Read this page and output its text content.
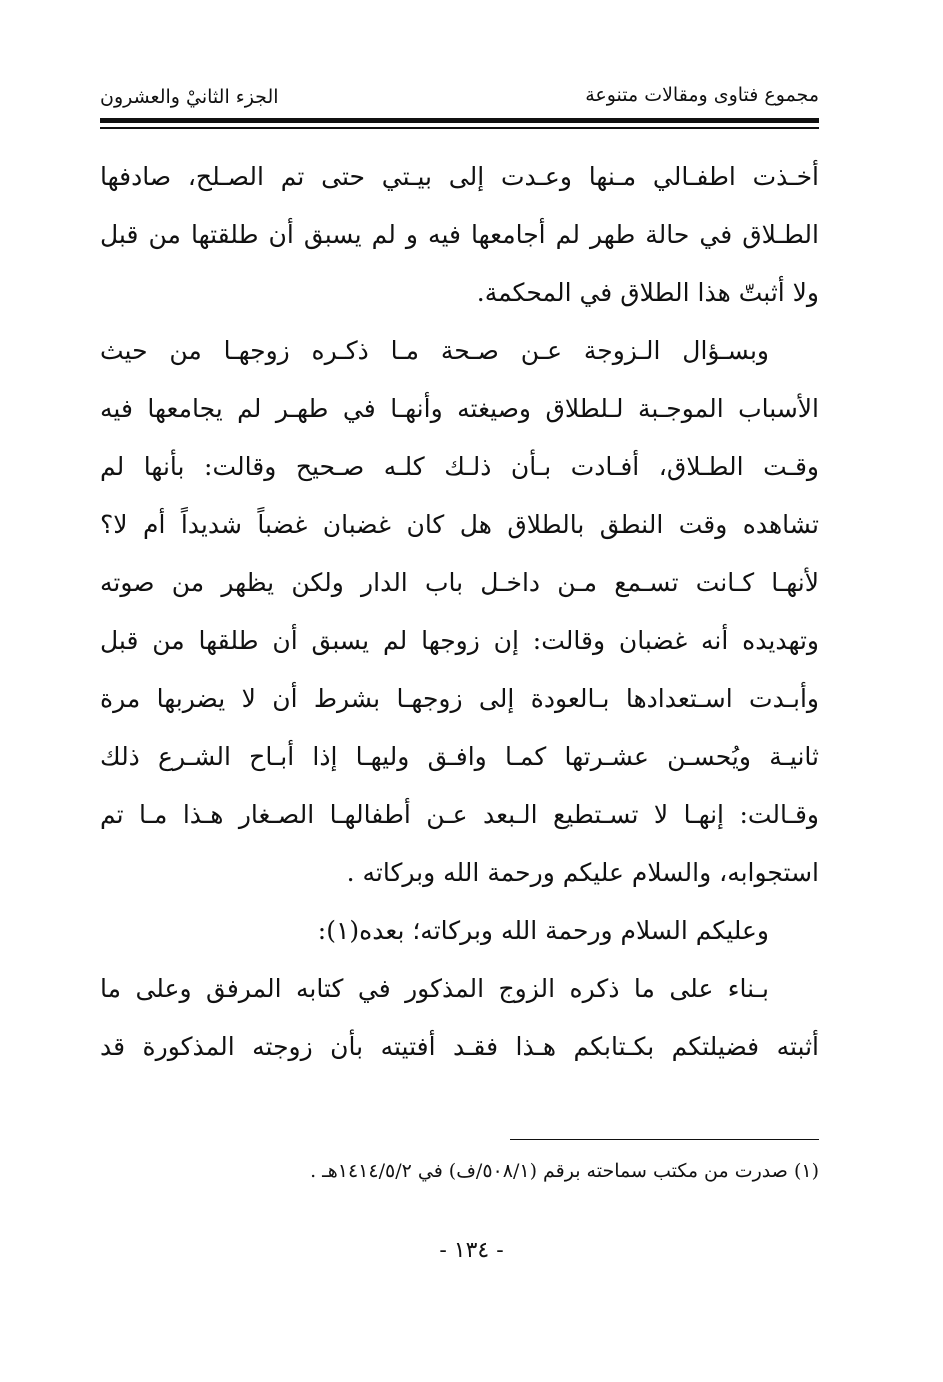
مجموع فتاوى ومقالات متنوعة
الجزء الثانيْ والعشرون
أخـذت اطفـالي مـنها وعـدت إلى بيـتي حتى تم الصـلح، صادفها
الطـلاق في حالة طهر لم أجامعها فيه و لم يسبق أن طلقتها من قبل
ولا أثبتّ هذا الطلاق في المحكمة.
وبسـؤال الـزوجة عـن صـحة مـا ذكـره زوجهـا من حيث
الأسباب الموجـبة لـلطلاق وصيغته وأنهـا في طهـر لم يجامعها فيه
وقـت الطـلاق، أفـادت بـأن ذلـك كلـه صـحيح وقالت: بأنها لم
تشاهده وقت النطق بالطلاق هل كان غضبان غضباً شديداً أم لا؟
لأنهـا كـانت تسـمع مـن داخـل باب الدار ولكن يظهر من صوته
وتهديده أنه غضبان وقالت: إن زوجها لم يسبق أن طلقها من قبل
وأبـدت اسـتعدادها بـالعودة إلى زوجهـا بشرط أن لا يضربها مرة
ثانيـة ويُحسـن عشـرتها كمـا وافـق وليهـا إذا أبـاح الشـرع ذلك
وقـالت: إنهـا لا تسـتطيع الـبعد عـن أطفالهـا الصـغار هـذا مـا تم
استجوابه، والسلام عليكم ورحمة الله وبركاته .
وعليكم السلام ورحمة الله وبركاته؛ بعده(١):
بـناء على ما ذكره الزوج المذكور في كتابه المرفق وعلى ما
أثبته فضيلتكم بكـتابكم هـذا فقـد أفتيته بأن زوجته المذكورة قد
(١) صدرت من مكتب سماحته برقم (٥٠٨/١/ف) في ١٤١٤/٥/٢هـ .
- ١٣٤ -
